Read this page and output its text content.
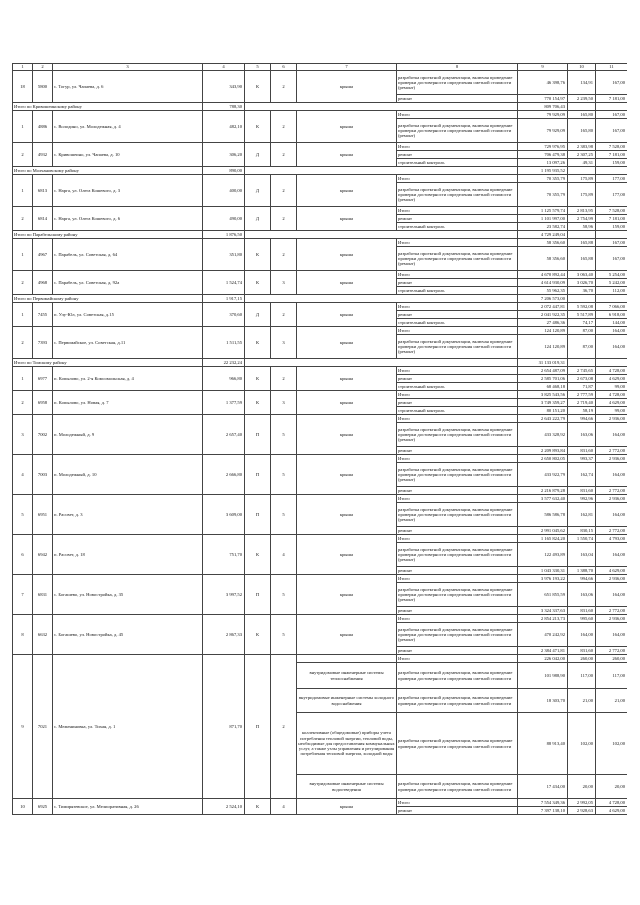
1	2	3	4	5	6	7	8	9	10	11
18	5800	с. Тогур, ул. Чапаева, д. 6	343,90	К	2	крыша	разработка проектной документации, включая проведение проверки достоверности определения сметной стоимости (ремонт)	46 398,76	134,91	167,00
							ремонт	770 154,97	2 239,50	7 181,00
Итого по Кривошеинскому району			788,30					809 706,43		
1	4886	с. Володино, ул. Молодежная, д. 4	482,10	К	2	крыша	Итого	79 929,09	165,80	167,00
							разработка проектной документации, включая проведение проверки достоверности определения сметной стоимости (ремонт)	79 929,09	165,80	167,00
2	4932	с. Кривошеино, ул. Чапаева, д. 10	306,20	Д	2	крыша	Итого	729 976,95	2 383,98	7 528,00
							ремонт	706 479,38	2 307,25	7 181,00
							строительный контроль	13 097,26	49,31	159,00
Итого по Молчановскому району			890,00					1 195 935,52		
1	6813	с. Нарга, ул. Олега Кошевого, д. 3	400,00	Д	2	крыша	Итого	70 355,79	175,89	177,00
							разработка проектной документации, включая проведение проверки достоверности определения сметной стоимости (ремонт)	70 355,79	175,89	177,00
2	6814	с. Нарга, ул. Олега Кошевого, д. 6	490,00	Д	2	крыша	Итого	1 125 579,74	2 813,95	7 528,00
							ремонт	1 101 997,00	2 754,99	7 181,00
							строительный контроль	23 582,74	58,96	159,00
Итого по Парабельскому району			1 876,50					4 729 249,04		
1	4967	с. Парабель, ул. Советская, д. 64	351,80	К	2	крыша	Итого	58 356,60	165,88	167,00
							разработка проектной документации, включая проведение проверки достоверности определения сметной стоимости (ремонт)	58 356,60	165,88	167,00
2	4968	с. Парабель, ул. Советская, д. 92а	1 524,74	К	3	крыша	Итого	4 670 892,44	3 063,40	5 254,00
							ремонт	4 614 930,09	3 026,70	5 242,00
							строительный контроль	55 962,35	36,70	112,00
Итого по Первомайскому району			1 917,15					7 206 573,00		
1	7455	п. Улу-Юл, ул. Советская, д.15	370,60	Д	2	крыша	Итого	2 072 447,81	5 592,08	7 066,00
							ремонт	2 041 922,35	5 517,89	6 918,00
							строительный контроль	27 486,36	74,17	144,00
2	7393	с. Первомайское, ул. Советская, д.11	1 511,55	К	3	крыша	Итого	124 120,89	87,00	164,00
							разработка проектной документации, включая проведение проверки достоверности определения сметной стоимости (ремонт)	124 120,89	87,00	164,00
Итого по Томскому району			22 232,24					31 133 019,31		
1	6977	п. Копылово, ул. 2-я Комсомольская, д. 4	966,80	К	2	крыша	Итого	2 654 487,09	2 745,65	4 728,00
							ремонт	2 585 701,06	2 673,08	4 629,00
							строительный контроль	68 468,18	71,87	99,00
2	6958	п. Копылово, ул. Новая, д. 7	1 377,59	К	3	крыша	Итого	3 825 543,56	2 777,59	4 728,00
							ремонт	3 749 359,27	2 719,40	4 629,00
							строительный контроль	80 151,20	58,19	99,00
3	7002	п. Молодежный, д. 9	2 657,40	П	5	крыша	Итого	2 643 222,79	994,66	2 936,00
							разработка проектной документации, включая проведение проверки достоверности определения сметной стоимости (ремонт)	433 328,92	163,06	164,00
							ремонт	2 209 893,84	831,60	2 772,00
4	7003	п. Молодежный, д. 10	2 666,80	П	5	крыша	Итого	2 650 802,05	993,37	2 936,00
							разработка проектной документации, включая проведение проверки достоверности определения сметной стоимости (ремонт)	433 922,79	162,74	164,00
							ремонт	2 216 879,28	831,60	2 772,00
5	6951	п. Рассвет, д. 3	3 609,00	П	5	крыша	Итого	3 577 632,40	992,96	2 936,00
							разработка проектной документации, включая проведение проверки достоверности определения сметной стоимости (ремонт)	586 586,78	162,81	164,00
							ремонт	2 991 045,62	830,15	2 772,00
6	6942	п. Рассвет, д. 18	751,70	К	4	крыша	Итого	1 165 824,20	1 550,74	4 793,00
							разработка проектной документации, включая проведение проверки достоверности определения сметной стоимости (ремонт)	122 493,89	163,04	164,00
							ремонт	1 043 330,31	1 388,70	4 629,00
7	6831	с. Богашево, ул. Новостройка, д. 35	3 997,52	П	5	крыша	Итого	3 976 193,22	994,66	2 936,00
							разработка проектной документации, включая проведение проверки достоверности определения сметной стоимости (ремонт)	651 855,59	163,06	164,00
							ремонт	3 324 337,63	831,60	2 772,00
8	6632	с. Богашево, ул. Новостройка, д. 45	2 867,33	К	5	крыша	Итого	2 854 213,73	995,60	2 936,00
							разработка проектной документации, включая проведение проверки достоверности определения сметной стоимости (ремонт)	470 242,92	164,00	164,00
							ремонт	2 384 471,81	831,60	2 772,00
9	7021	с. Межениновка, ул. Тихая, д. 1	871,70	П	2		Итого	226 042,00	260,00	260,00
						внутридомовые инженерные системы теплоснабжения	разработка проектной документации, включая проведение проверки достоверности определения сметной стоимости	101 988,90	117,00	117,00
						внутридомовые инженерные системы холодного водоснабжения	разработка проектной документации, включая проведение проверки достоверности определения сметной стоимости	18 303,70	21,00	21,00
						коллективные (общедомовые) приборы учета потребления тепловой энергии, тепловой воды, необходимые для предоставления коммунальных услуг, а также узлы управления и регулирования потребления тепловой энергии, холодной воды	разработка проектной документации, включая проведение проверки достоверности определения сметной стоимости	88 913,40	102,00	102,00
						внутридомовые инженерные системы водоотведения	разработка проектной документации, включая проведение проверки достоверности определения сметной стоимости	17 434,00	20,00	20,00
10	6925	с. Тимирязевское, ул. Мелиоративная, д. 26	2 524,10	К	4	крыша	Итого	7 554 349,36	2 992,05	4 728,00
							ремонт	7 397 138,10	2 928,63	4 629,00
